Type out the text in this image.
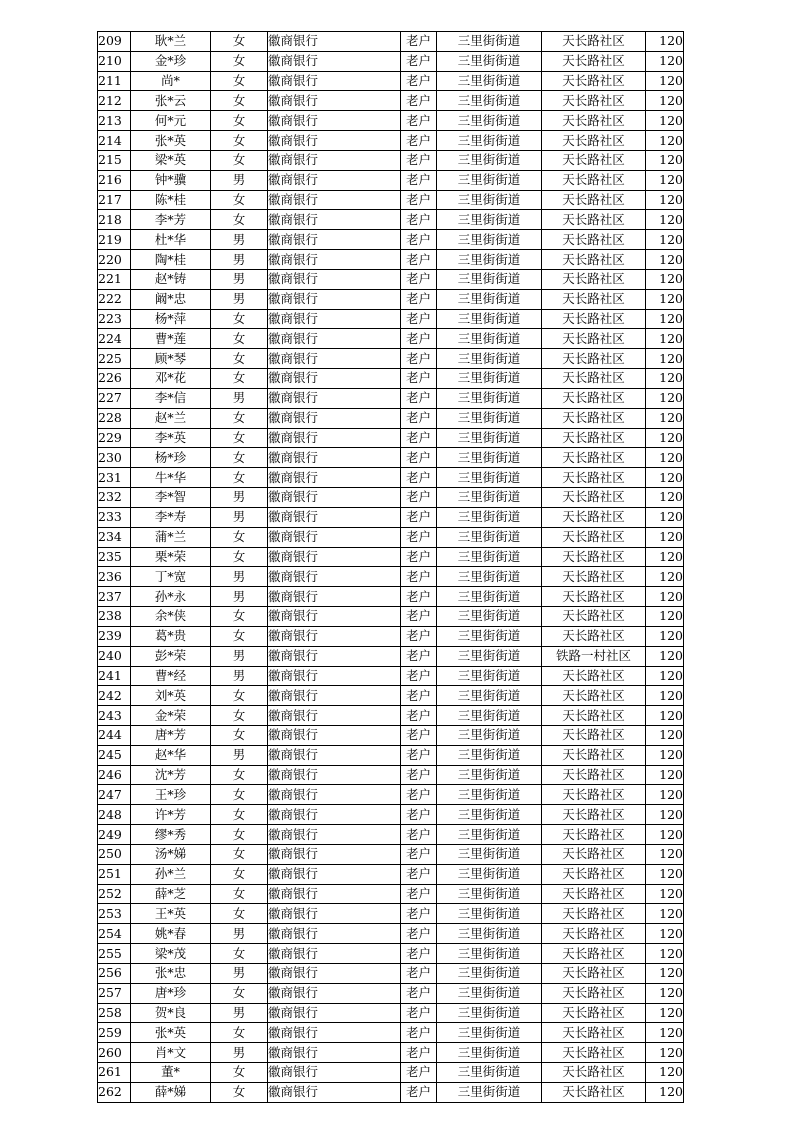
209	耿*兰	女	徽商银行	老户	三里街街道	天长路社区	120
210	金*珍	女	徽商银行	老户	三里街街道	天长路社区	120
211	尚*	女	徽商银行	老户	三里街街道	天长路社区	120
212	张*云	女	徽商银行	老户	三里街街道	天长路社区	120
213	何*元	女	徽商银行	老户	三里街街道	天长路社区	120
214	张*英	女	徽商银行	老户	三里街街道	天长路社区	120
215	梁*英	女	徽商银行	老户	三里街街道	天长路社区	120
216	钟*骥	男	徽商银行	老户	三里街街道	天长路社区	120
217	陈*桂	女	徽商银行	老户	三里街街道	天长路社区	120
218	李*芳	女	徽商银行	老户	三里街街道	天长路社区	120
219	杜*华	男	徽商银行	老户	三里街街道	天长路社区	120
220	陶*桂	男	徽商银行	老户	三里街街道	天长路社区	120
221	赵*铸	男	徽商银行	老户	三里街街道	天长路社区	120
222	阚*忠	男	徽商银行	老户	三里街街道	天长路社区	120
223	杨*萍	女	徽商银行	老户	三里街街道	天长路社区	120
224	曹*莲	女	徽商银行	老户	三里街街道	天长路社区	120
225	顾*琴	女	徽商银行	老户	三里街街道	天长路社区	120
226	邓*花	女	徽商银行	老户	三里街街道	天长路社区	120
227	李*信	男	徽商银行	老户	三里街街道	天长路社区	120
228	赵*兰	女	徽商银行	老户	三里街街道	天长路社区	120
229	李*英	女	徽商银行	老户	三里街街道	天长路社区	120
230	杨*珍	女	徽商银行	老户	三里街街道	天长路社区	120
231	牛*华	女	徽商银行	老户	三里街街道	天长路社区	120
232	李*智	男	徽商银行	老户	三里街街道	天长路社区	120
233	李*寿	男	徽商银行	老户	三里街街道	天长路社区	120
234	蒲*兰	女	徽商银行	老户	三里街街道	天长路社区	120
235	栗*荣	女	徽商银行	老户	三里街街道	天长路社区	120
236	丁*宽	男	徽商银行	老户	三里街街道	天长路社区	120
237	孙*永	男	徽商银行	老户	三里街街道	天长路社区	120
238	余*侠	女	徽商银行	老户	三里街街道	天长路社区	120
239	葛*贵	女	徽商银行	老户	三里街街道	天长路社区	120
240	彭*荣	男	徽商银行	老户	三里街街道	铁路一村社区	120
241	曹*经	男	徽商银行	老户	三里街街道	天长路社区	120
242	刘*英	女	徽商银行	老户	三里街街道	天长路社区	120
243	金*荣	女	徽商银行	老户	三里街街道	天长路社区	120
244	唐*芳	女	徽商银行	老户	三里街街道	天长路社区	120
245	赵*华	男	徽商银行	老户	三里街街道	天长路社区	120
246	沈*芳	女	徽商银行	老户	三里街街道	天长路社区	120
247	王*珍	女	徽商银行	老户	三里街街道	天长路社区	120
248	许*芳	女	徽商银行	老户	三里街街道	天长路社区	120
249	缪*秀	女	徽商银行	老户	三里街街道	天长路社区	120
250	汤*娣	女	徽商银行	老户	三里街街道	天长路社区	120
251	孙*兰	女	徽商银行	老户	三里街街道	天长路社区	120
252	薛*芝	女	徽商银行	老户	三里街街道	天长路社区	120
253	王*英	女	徽商银行	老户	三里街街道	天长路社区	120
254	姚*春	男	徽商银行	老户	三里街街道	天长路社区	120
255	梁*茂	女	徽商银行	老户	三里街街道	天长路社区	120
256	张*忠	男	徽商银行	老户	三里街街道	天长路社区	120
257	唐*珍	女	徽商银行	老户	三里街街道	天长路社区	120
258	贺*良	男	徽商银行	老户	三里街街道	天长路社区	120
259	张*英	女	徽商银行	老户	三里街街道	天长路社区	120
260	肖*文	男	徽商银行	老户	三里街街道	天长路社区	120
261	董*	女	徽商银行	老户	三里街街道	天长路社区	120
262	薛*娣	女	徽商银行	老户	三里街街道	天长路社区	120
